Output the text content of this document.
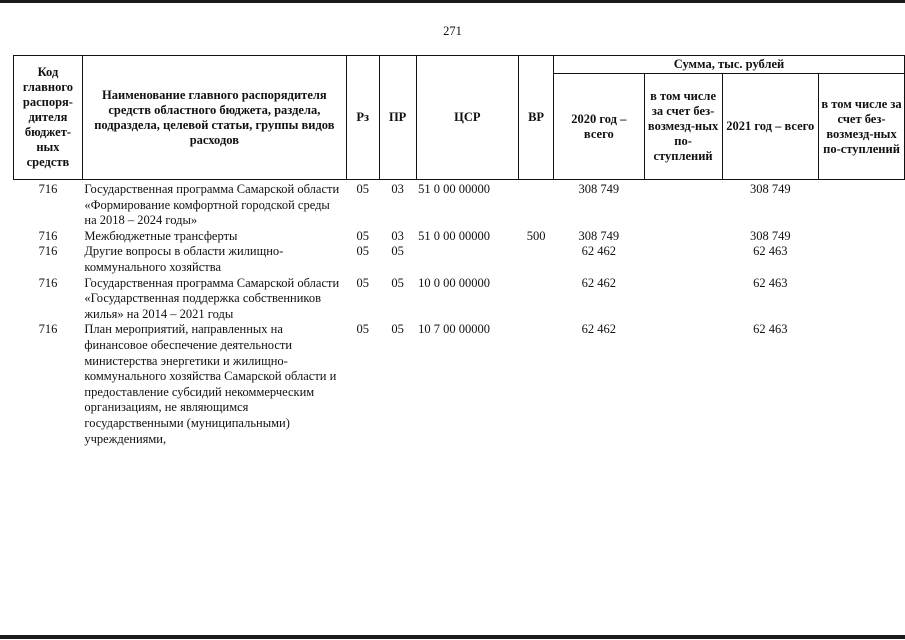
271
Код главного распоря-дителя бюджет-ных средств	Наименование главного распорядителя средств областного бюджета, раздела, подраздела, целевой статьи, группы видов расходов	Рз	ПР	ЦСР	ВР	Сумма, тыс. рублей			
						2020 год – всего	в том числе за счет без-возмезд-ных по-ступлений	2021 год – всего	в том числе за счет без-возмезд-ных по-ступлений
716	Государственная программа Самарской области «Формирование комфортной городской среды на 2018 – 2024 годы»	05	03	51 0 00 00000		308 749		308 749	
716	Межбюджетные трансферты	05	03	51 0 00 00000	500	308 749		308 749	
716	Другие вопросы в области жилищно-коммунального хозяйства	05	05			62 462		62 463	
716	Государственная программа Самарской области «Государственная поддержка собственников жилья» на 2014 – 2021 годы	05	05	10 0 00 00000		62 462		62 463	
716	План мероприятий, направленных на финансовое обеспечение деятельности министерства энергетики и жилищно-коммунального хозяйства Самарской области и предоставление субсидий некоммерческим организациям, не являющимся государственными (муниципальными) учреждениями,	05	05	10 7 00 00000		62 462		62 463	
